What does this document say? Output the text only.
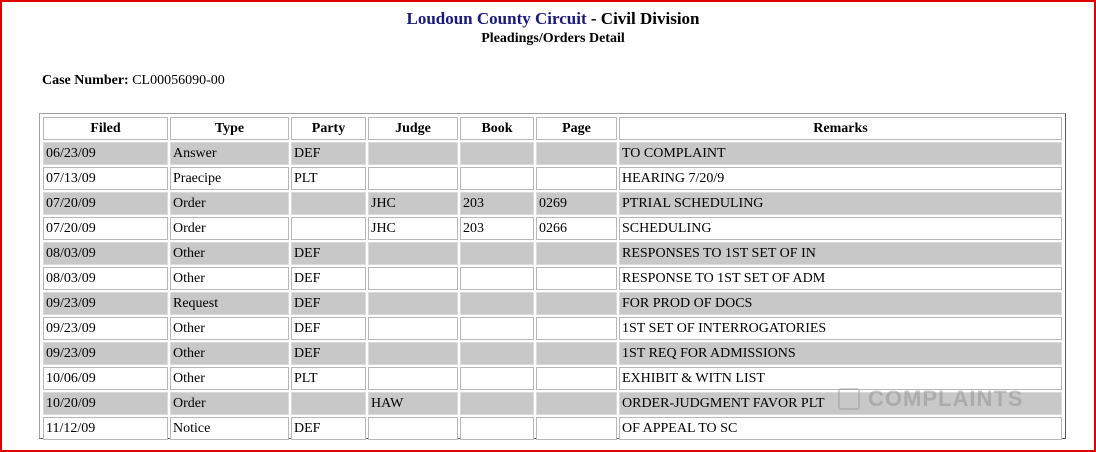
Loudoun County Circuit - Civil Division
Pleadings/Orders Detail
Case Number: CL00056090-00
Filed	Type	Party	Judge	Book	Page	Remarks
06/23/09	Answer	DEF				TO COMPLAINT
07/13/09	Praecipe	PLT				HEARING 7/20/9
07/20/09	Order		JHC	203	0269	PTRIAL SCHEDULING
07/20/09	Order		JHC	203	0266	SCHEDULING
08/03/09	Other	DEF				RESPONSES TO 1ST SET OF IN
08/03/09	Other	DEF				RESPONSE TO 1ST SET OF ADM
09/23/09	Request	DEF				FOR PROD OF DOCS
09/23/09	Other	DEF				1ST SET OF INTERROGATORIES
09/23/09	Other	DEF				1ST REQ FOR ADMISSIONS
10/06/09	Other	PLT				EXHIBIT & WITN LIST
10/20/09	Order		HAW			ORDER-JUDGMENT FAVOR PLT
11/12/09	Notice	DEF				OF APPEAL TO SC
COMPLAINTS
